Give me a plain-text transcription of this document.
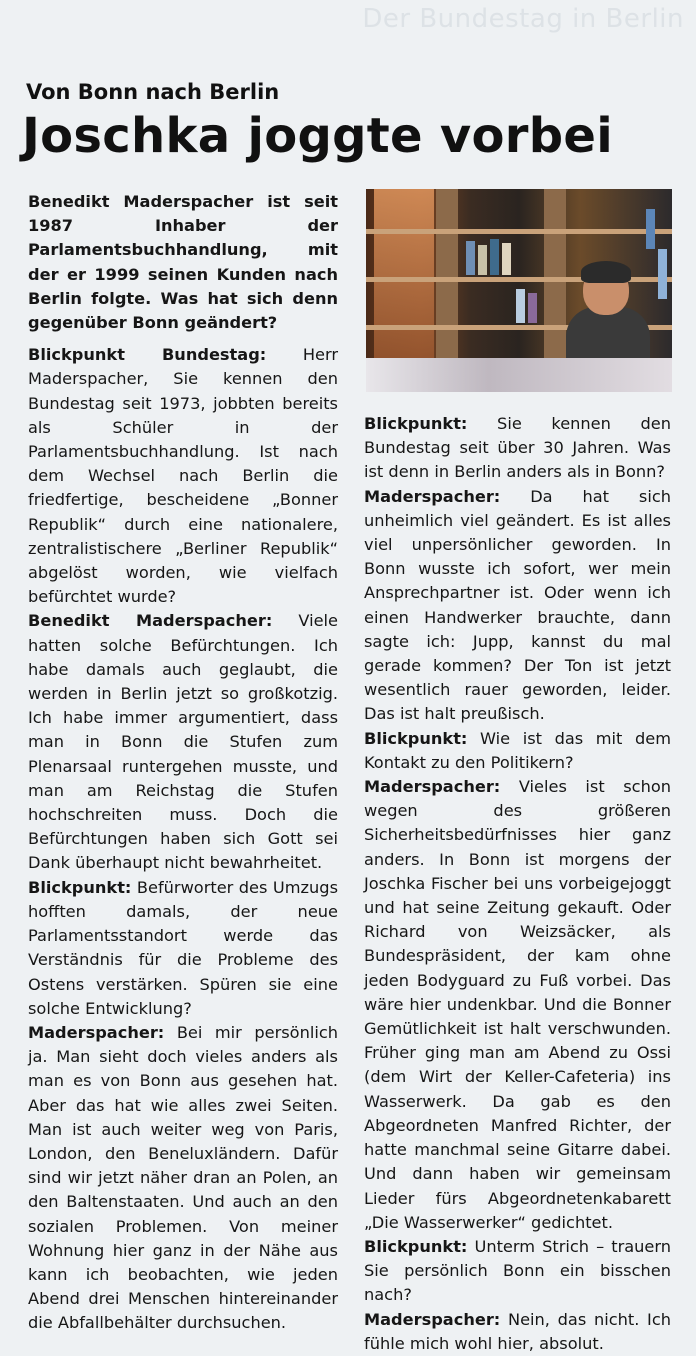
Der Bundestag in Berlin
Von Bonn nach Berlin
Joschka joggte vorbei

Benedikt Maderspacher ist seit 1987 Inhaber der Parlamentsbuchhandlung, mit der er 1999 seinen Kunden nach Berlin folgte. Was hat sich denn gegenüber Bonn geändert?

Blickpunkt Bundestag: Herr Maderspacher, Sie kennen den Bundestag seit 1973, jobbten bereits als Schüler in der Parlamentsbuchhandlung. Ist nach dem Wechsel nach Berlin die friedfertige, bescheidene „Bonner Republik“ durch eine nationalere, zentralistischere „Berliner Republik“ abgelöst worden, wie vielfach befürchtet wurde?

Benedikt Maderspacher: Viele hatten solche Befürchtungen. Ich habe damals auch geglaubt, die werden in Berlin jetzt so großkotzig. Ich habe immer argumentiert, dass man in Bonn die Stufen zum Plenarsaal runtergehen musste, und man am Reichstag die Stufen hochschreiten muss. Doch die Befürchtungen haben sich Gott sei Dank überhaupt nicht bewahrheitet.

Blickpunkt: Befürworter des Umzugs hofften damals, der neue Parlamentsstandort werde das Verständnis für die Probleme des Ostens verstärken. Spüren sie eine solche Entwicklung?

Maderspacher: Bei mir persönlich ja. Man sieht doch vieles anders als man es von Bonn aus gesehen hat. Aber das hat wie alles zwei Seiten. Man ist auch weiter weg von Paris, London, den Beneluxländern. Dafür sind wir jetzt näher dran an Polen, an den Baltenstaaten. Und auch an den sozialen Problemen. Von meiner Wohnung hier ganz in der Nähe aus kann ich beobachten, wie jeden Abend drei Menschen hintereinander die Abfallbehälter durchsuchen.

Blickpunkt: Sie kennen den Bundestag seit über 30 Jahren. Was ist denn in Berlin anders als in Bonn?

Maderspacher: Da hat sich unheimlich viel geändert. Es ist alles viel unpersönlicher geworden. In Bonn wusste ich sofort, wer mein Ansprechpartner ist. Oder wenn ich einen Handwerker brauchte, dann sagte ich: Jupp, kannst du mal gerade kommen? Der Ton ist jetzt wesentlich rauer geworden, leider. Das ist halt preußisch.

Blickpunkt: Wie ist das mit dem Kontakt zu den Politikern?

Maderspacher: Vieles ist schon wegen des größeren Sicherheitsbedürfnisses hier ganz anders. In Bonn ist morgens der Joschka Fischer bei uns vorbeigejoggt und hat seine Zeitung gekauft. Oder Richard von Weizsäcker, als Bundespräsident, der kam ohne jeden Bodyguard zu Fuß vorbei. Das wäre hier undenkbar. Und die Bonner Gemütlichkeit ist halt verschwunden. Früher ging man am Abend zu Ossi (dem Wirt der Keller-Cafeteria) ins Wasserwerk. Da gab es den Abgeordneten Manfred Richter, der hatte manchmal seine Gitarre dabei. Und dann haben wir gemeinsam Lieder fürs Abgeordnetenkabarett „Die Wasserwerker“ gedichtet.

Blickpunkt: Unterm Strich – trauern Sie persönlich Bonn ein bisschen nach?

Maderspacher: Nein, das nicht. Ich fühle mich wohl hier, absolut.
